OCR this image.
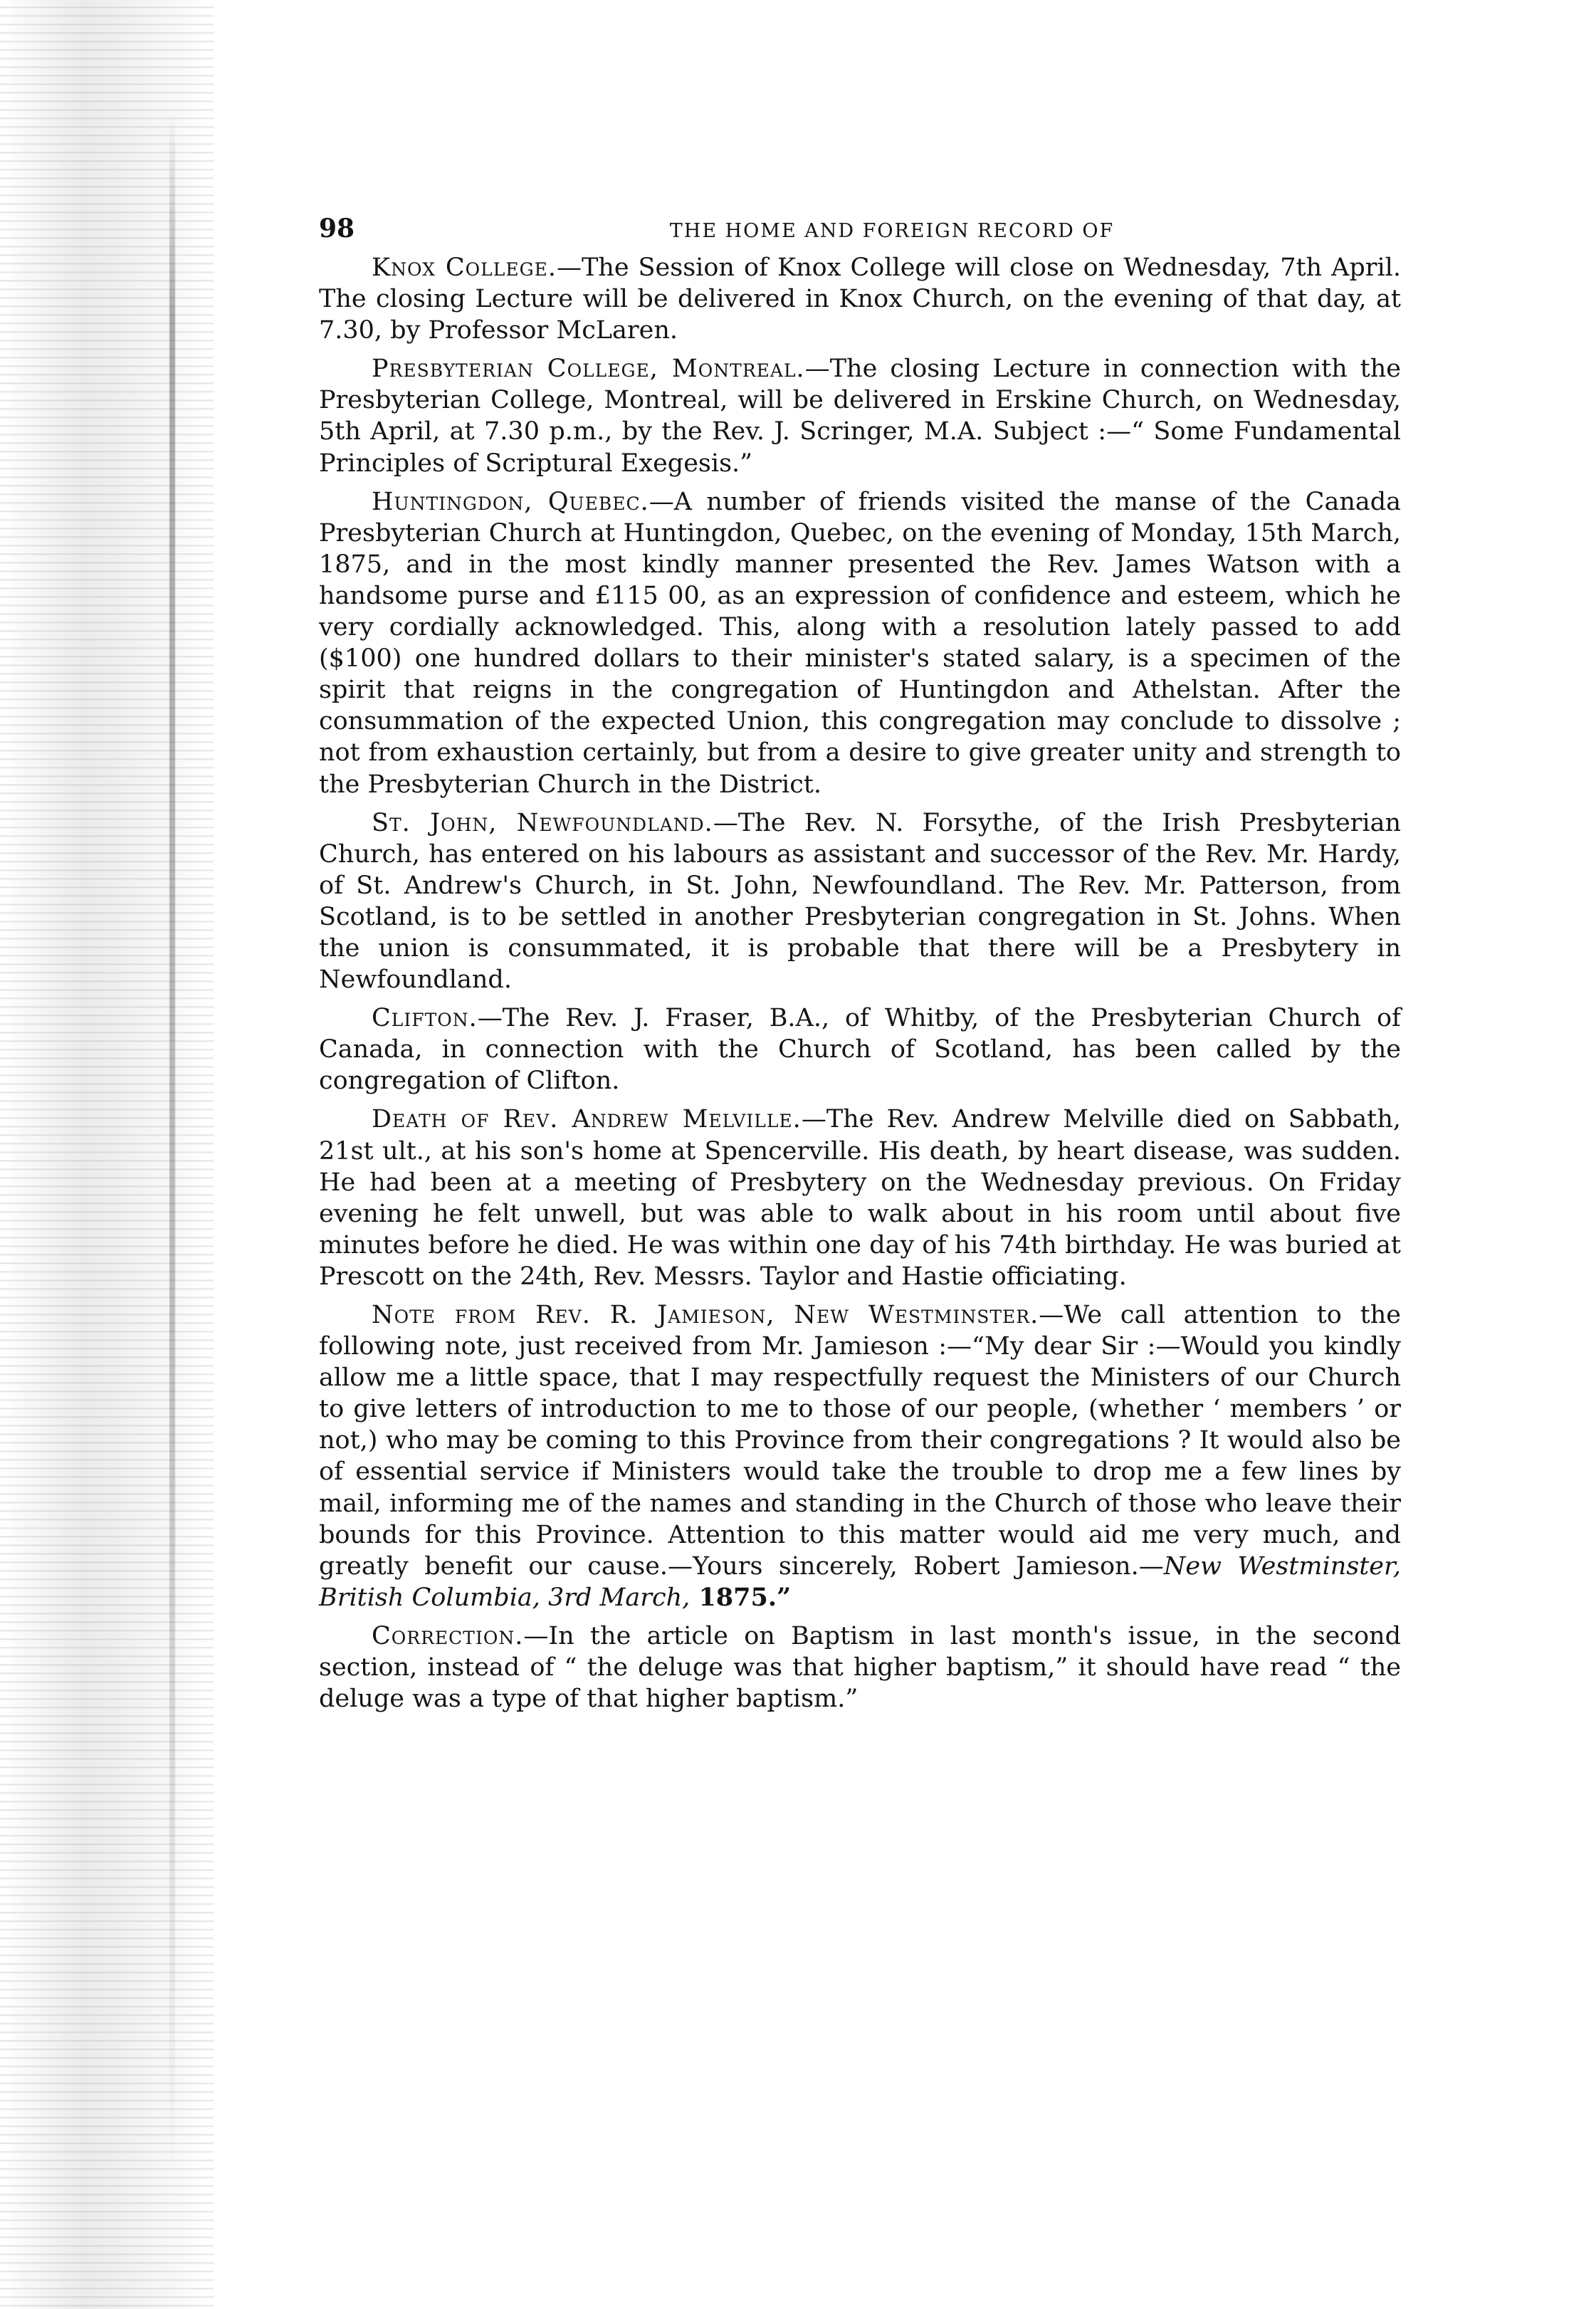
98	THE HOME AND FOREIGN RECORD OF

Knox College.—The Session of Knox College will close on Wednesday, 7th April. The closing Lecture will be delivered in Knox Church, on the evening of that day, at 7.30, by Professor McLaren.

Presbyterian College, Montreal.—The closing Lecture in connection with the Presbyterian College, Montreal, will be delivered in Erskine Church, on Wednesday, 5th April, at 7.30 p.m., by the Rev. J. Scringer, M.A. Subject :—“ Some Fundamental Principles of Scriptural Exegesis.”

Huntingdon, Quebec.—A number of friends visited the manse of the Canada Presbyterian Church at Huntingdon, Quebec, on the evening of Monday, 15th March, 1875, and in the most kindly manner presented the Rev. James Watson with a handsome purse and £115 00, as an expression of confidence and esteem, which he very cordially acknowledged. This, along with a resolution lately passed to add ($100) one hundred dollars to their minister's stated salary, is a specimen of the spirit that reigns in the congregation of Huntingdon and Athelstan. After the consummation of the expected Union, this congregation may conclude to dissolve ; not from exhaustion certainly, but from a desire to give greater unity and strength to the Presbyterian Church in the District.

St. John, Newfoundland.—The Rev. N. Forsythe, of the Irish Presbyterian Church, has entered on his labours as assistant and successor of the Rev. Mr. Hardy, of St. Andrew's Church, in St. John, Newfoundland. The Rev. Mr. Patterson, from Scotland, is to be settled in another Presbyterian congregation in St. Johns. When the union is consummated, it is probable that there will be a Presbytery in Newfoundland.

Clifton.—The Rev. J. Fraser, B.A., of Whitby, of the Presbyterian Church of Canada, in connection with the Church of Scotland, has been called by the congregation of Clifton.

Death of Rev. Andrew Melville.—The Rev. Andrew Melville died on Sabbath, 21st ult., at his son's home at Spencerville. His death, by heart disease, was sudden. He had been at a meeting of Presbytery on the Wednesday previous. On Friday evening he felt unwell, but was able to walk about in his room until about five minutes before he died. He was within one day of his 74th birthday. He was buried at Prescott on the 24th, Rev. Messrs. Taylor and Hastie officiating.

Note from Rev. R. Jamieson, New Westminster.—We call attention to the following note, just received from Mr. Jamieson :—“My dear Sir :—Would you kindly allow me a little space, that I may respectfully request the Ministers of our Church to give letters of introduction to me to those of our people, (whether ‘ members ’ or not,) who may be coming to this Province from their congregations ? It would also be of essential service if Ministers would take the trouble to drop me a few lines by mail, informing me of the names and standing in the Church of those who leave their bounds for this Province. Attention to this matter would aid me very much, and greatly benefit our cause.—Yours sincerely, Robert Jamieson.—New Westminster, British Columbia, 3rd March, 1875.”

Correction.—In the article on Baptism in last month's issue, in the second section, instead of “ the deluge was that higher baptism,” it should have read “ the deluge was a type of that higher baptism.”
